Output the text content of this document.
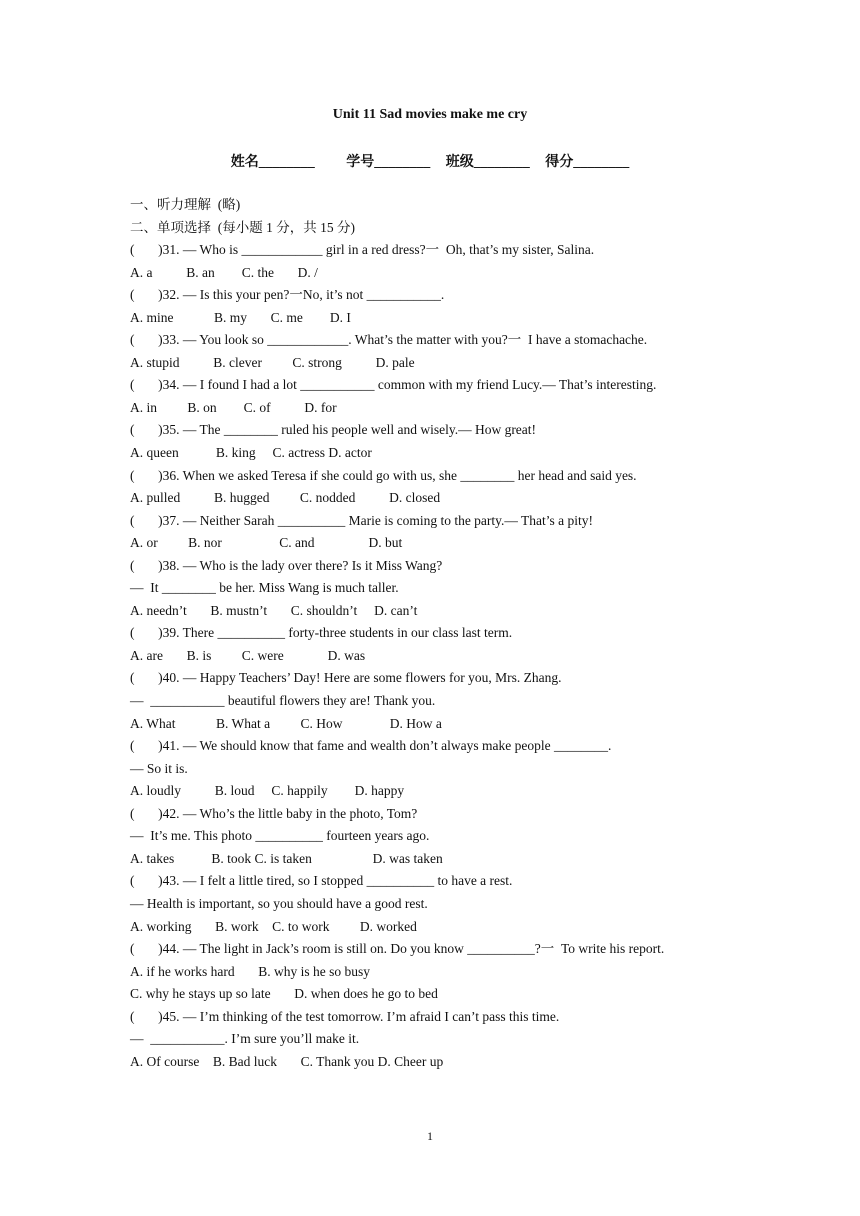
Unit 11 Sad movies make me cry
姓名________ 学号________ 班级________ 得分________
一、听力理解  (略)
二、单项选择  (每小题 1 分，共 15 分)
(       )31. — Who is ____________ girl in a red dress?一  Oh, that’s my sister, Salina.
A. a          B. an        C. the       D. /
(       )32. — Is this your pen?一No, it’s not ___________.
A. mine            B. my       C. me        D. I
(       )33. — You look so ____________. What’s the matter with you?一  I have a stomachache.
A. stupid          B. clever         C. strong          D. pale
(       )34. — I found I had a lot ___________ common with my friend Lucy.— That’s interesting.
A. in         B. on        C. of          D. for
(       )35. — The ________ ruled his people well and wisely.— How great!
A. queen           B. king     C. actress D. actor
(       )36. When we asked Teresa if she could go with us, she ________ her head and said yes.
A. pulled          B. hugged         C. nodded          D. closed
(       )37. — Neither Sarah __________ Marie is coming to the party.— That’s a pity!
A. or         B. nor                 C. and                D. but
(       )38. — Who is the lady over there? Is it Miss Wang?
—  It ________ be her. Miss Wang is much taller.
A. needn’t       B. mustn’t       C. shouldn’t     D. can’t
(       )39. There __________ forty-three students in our class last term.
A. are       B. is         C. were             D. was
(       )40. — Happy Teachers’ Day! Here are some flowers for you, Mrs. Zhang.
—  ___________ beautiful flowers they are! Thank you.
A. What            B. What a         C. How              D. How a
(       )41. — We should know that fame and wealth don’t always make people ________.
— So it is.
A. loudly          B. loud     C. happily        D. happy
(       )42. — Who’s the little baby in the photo, Tom?
—  It’s me. This photo __________ fourteen years ago.
A. takes           B. took C. is taken                  D. was taken
(       )43. — I felt a little tired, so I stopped __________ to have a rest.
— Health is important, so you should have a good rest.
A. working       B. work    C. to work         D. worked
(       )44. — The light in Jack’s room is still on. Do you know __________?一  To write his report.
A. if he works hard       B. why is he so busy
C. why he stays up so late       D. when does he go to bed
(       )45. — I’m thinking of the test tomorrow. I’m afraid I can’t pass this time.
—  ___________. I’m sure you’ll make it.
A. Of course    B. Bad luck       C. Thank you D. Cheer up
1
